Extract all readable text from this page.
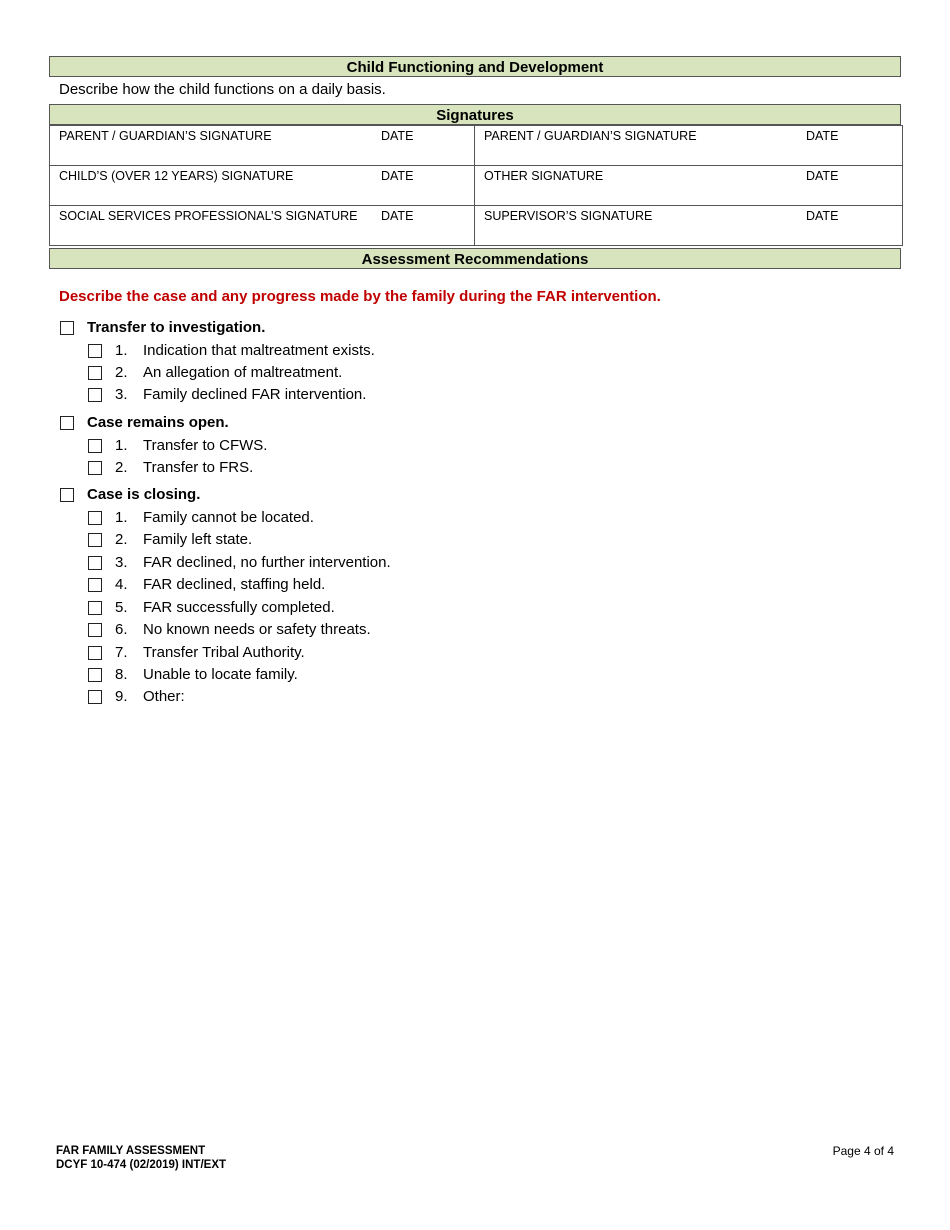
Child Functioning and Development
Describe how the child functions on a daily basis.
Signatures
PARENT / GUARDIAN’S SIGNATURE DATE	PARENT / GUARDIAN’S SIGNATURE DATE

CHILD’S (OVER 12 YEARS) SIGNATURE DATE	OTHER SIGNATURE DATE

SOCIAL SERVICES PROFESSIONAL’S SIGNATURE DATE	SUPERVISOR’S SIGNATURE DATE
Assessment Recommendations
Describe the case and any progress made by the family during the FAR intervention.
Transfer to investigation.
1. Indication that maltreatment exists.
2. An allegation of maltreatment.
3. Family declined FAR intervention.
Case remains open.
1. Transfer to CFWS.
2. Transfer to FRS.
Case is closing.
1. Family cannot be located.
2. Family left state.
3. FAR declined, no further intervention.
4. FAR declined, staffing held.
5. FAR successfully completed.
6. No known needs or safety threats.
7. Transfer Tribal Authority.
8. Unable to locate family.
9. Other:
FAR FAMILY ASSESSMENT
DCYF 10-474 (02/2019) INT/EXT
Page 4 of 4
